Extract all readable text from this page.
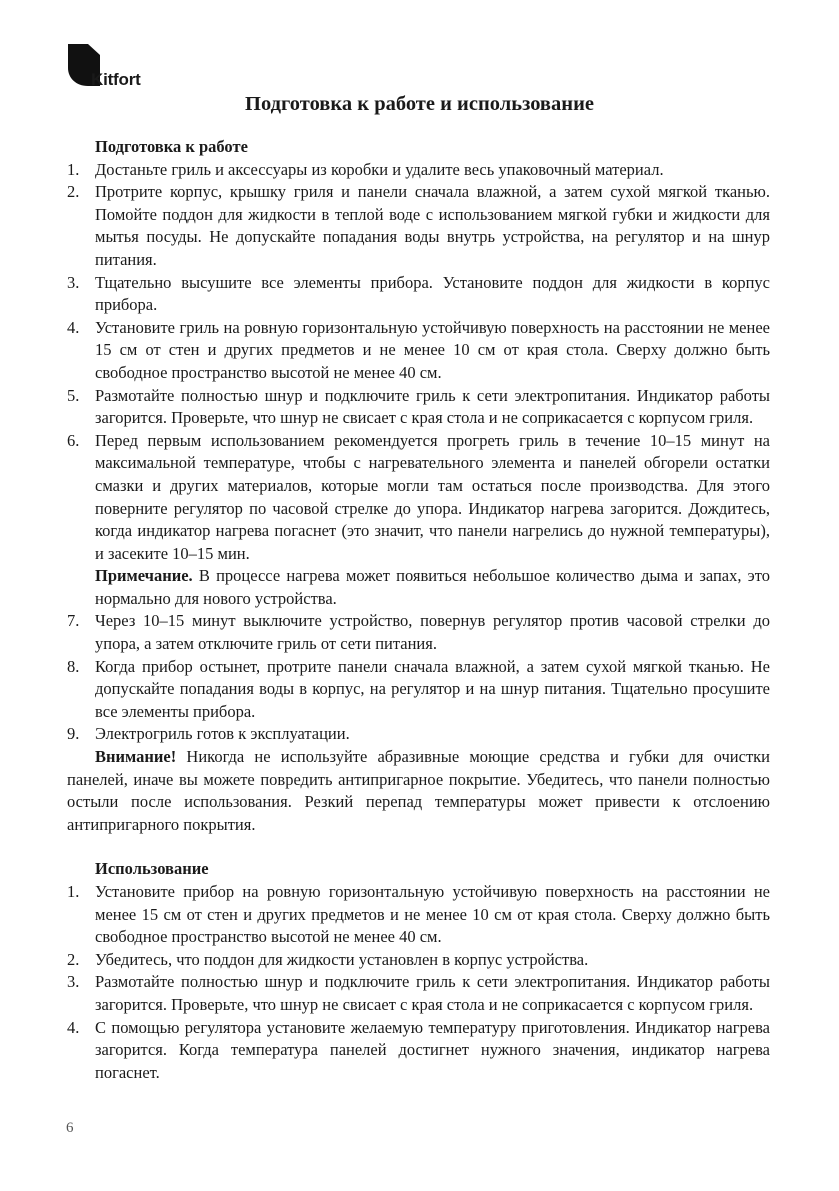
Kitfort
Подготовка к работе и использование
Подготовка к работе
1. Достаньте гриль и аксессуары из коробки и удалите весь упаковочный материал.
2. Протрите корпус, крышку гриля и панели сначала влажной, а затем сухой мягкой тканью. Помойте поддон для жидкости в теплой воде с использованием мягкой губки и жидкости для мытья посуды. Не допускайте попадания воды внутрь устройства, на регулятор и на шнур питания.
3. Тщательно высушите все элементы прибора. Установите поддон для жидкости в корпус прибора.
4. Установите гриль на ровную горизонтальную устойчивую поверхность на расстоянии не менее 15 см от стен и других предметов и не менее 10 см от края стола. Сверху должно быть свободное пространство высотой не менее 40 см.
5. Размотайте полностью шнур и подключите гриль к сети электропитания. Индикатор работы загорится. Проверьте, что шнур не свисает с края стола и не соприкасается с корпусом гриля.
6. Перед первым использованием рекомендуется прогреть гриль в течение 10–15 минут на максимальной температуре, чтобы с нагревательного элемента и панелей обгорели остатки смазки и других материалов, которые могли там остаться после производства. Для этого поверните регулятор по часовой стрелке до упора. Индикатор нагрева загорится. Дождитесь, когда индикатор нагрева погаснет (это значит, что панели нагрелись до нужной температуры), и засеките 10–15 мин.
Примечание. В процессе нагрева может появиться небольшое количество дыма и запах, это нормально для нового устройства.
7. Через 10–15 минут выключите устройство, повернув регулятор против часовой стрелки до упора, а затем отключите гриль от сети питания.
8. Когда прибор остынет, протрите панели сначала влажной, а затем сухой мягкой тканью. Не допускайте попадания воды в корпус, на регулятор и на шнур питания. Тщательно просушите все элементы прибора.
9. Электрогриль готов к эксплуатации.
Внимание! Никогда не используйте абразивные моющие средства и губки для очистки панелей, иначе вы можете повредить антипригарное покрытие. Убедитесь, что панели полностью остыли после использования. Резкий перепад температуры может привести к отслоению антипригарного покрытия.
Использование
1. Установите прибор на ровную горизонтальную устойчивую поверхность на расстоянии не менее 15 см от стен и других предметов и не менее 10 см от края стола. Сверху должно быть свободное пространство высотой не менее 40 см.
2. Убедитесь, что поддон для жидкости установлен в корпус устройства.
3. Размотайте полностью шнур и подключите гриль к сети электропитания. Индикатор работы загорится. Проверьте, что шнур не свисает с края стола и не соприкасается с корпусом гриля.
4. С помощью регулятора установите желаемую температуру приготовления. Индикатор нагрева загорится. Когда температура панелей достигнет нужного значения, индикатор нагрева погаснет.
6
